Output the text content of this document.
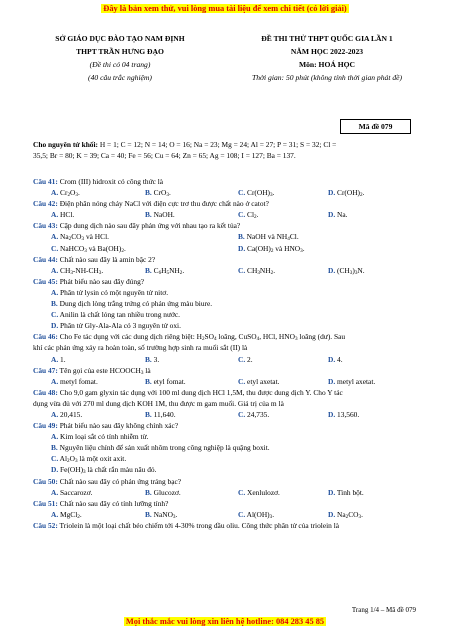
Đây là bản xem thử, vui lòng mua tài liệu để xem chi tiết (có lời giải)
SỞ GIÁO DỤC ĐÀO TẠO NAM ĐỊNH
THPT TRẦN HƯNG ĐẠO
(Đề thi có 04 trang)
(40 câu trắc nghiệm)
ĐỀ THI THỬ THPT QUỐC GIA LẦN 1
NĂM HỌC 2022-2023
Môn: HOÁ HỌC
Thời gian: 50 phút (không tính thời gian phát đề)
Mã đề 079
Cho nguyên tử khối: H = 1; C = 12; N = 14; O = 16; Na = 23; Mg = 24; Al = 27; P = 31; S = 32; Cl =
35,5; Br = 80; K = 39; Ca = 40; Fe = 56; Cu = 64; Zn = 65; Ag = 108; I = 127; Ba = 137.
Câu 41: Crom (III) hidroxit có công thức là
A. $Cr_2O_3$.	B. CrO$_3$.	C. $Cr(OH)_3$.	D. $Cr(OH)_2$.
Câu 42: Điện phân nóng chảy NaCl với điện cực trơ thu được chất nào ở catot?
A. HCl.	B. NaOH.	C. $Cl_2$.	D. Na.
Câu 43: Cặp dung dịch nào sau đây phản ứng với nhau tạo ra kết tủa?
A. $Na_2CO_3$ và HCl.	B. NaOH và $NH_4Cl$.
C. NaHCO$_3$ và $Ba(OH)_2$.	D. $Ca(OH)_2$ và $HNO_3$.
Câu 44: Chất nào sau đây là amin bậc 2?
A. $CH_3-NH-CH_3$.	B. $C_6H_5NH_2$.	C. $CH_3NH_2$.	D. $(CH_3)_3N$.
Câu 45: Phát biểu nào sau đây đúng?
A. Phân tử lysin có một nguyên tử nitơ.
B. Dung dịch lòng trắng trứng có phản ứng màu biure.
C. Anilin là chất lỏng tan nhiều trong nước.
D. Phân tử Gly-Ala-Ala có 3 nguyên tử oxi.
Câu 46: Cho Fe tác dụng với các dung dịch riêng biệt: $H_2SO_4$ loãng, CuSO$_4$, HCl, $HNO_3$ loãng (dư). Sau
khí các phản ứng xảy ra hoàn toàn, số trường hợp sinh ra muối sắt (II) là
A. 1.	B. 3.	C. 2.	D. 4.
Câu 47: Tên gọi của este $HCOOCH_3$ là
A. metyl fomat.	B. etyl fomat.	C. etyl axetat.	D. metyl axetat.
Câu 48: Cho 9,0 gam glyxin tác dụng với 100 ml dung dịch HCl 1,5M, thu được dung dịch Y. Cho Y tác
dụng vừa đủ với 270 ml dung dịch KOH 1M, thu được m gam muối. Giá trị của m là
A. 20,415.	B. 11,640.	C. 24,735.	D. 13,560.
Câu 49: Phát biểu nào sau đây không chính xác?
A. Kim loại sắt có tính nhiễm từ.
B. Nguyên liệu chính để sản xuất nhôm trong công nghiệp là quặng boxit.
C. $Al_2O_3$ là một oxit axit.
D. $Fe(OH)_3$ là chất rắn màu nâu đỏ.
Câu 50: Chất nào sau đây có phản ứng tráng bạc?
A. Saccarozơ.	B. Glucozơ.	C. Xenlulozơ.	D. Tinh bột.
Câu 51: Chất nào sau đây có tính lưỡng tính?
A. MgCl$_2$.	B. NaNO$_3$.	C. $Al(OH)_3$.	D. $Na_2CO_3$.
Câu 52: Triolein là một loại chất béo chiếm tới 4-30% trong dầu oliu. Công thức phân tử của triolein là
Trang 1/4 – Mã đề 079
Mọi thắc mắc vui lòng xin liên hệ hotline: 084 283 45 85
